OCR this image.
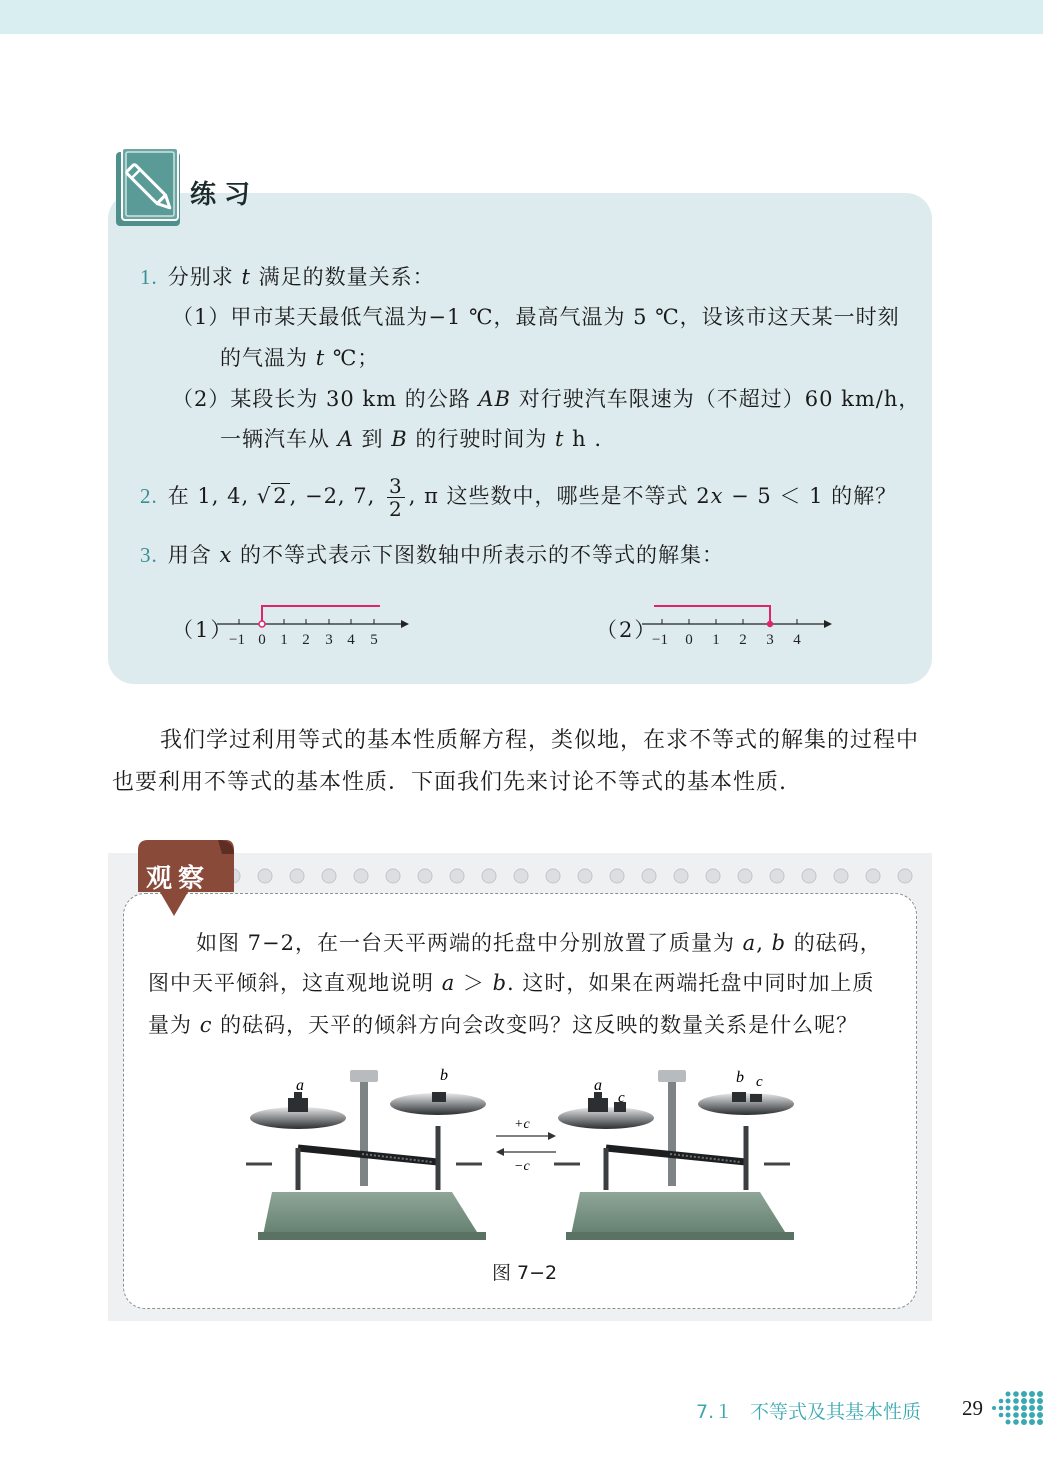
练习
1. 分别求 t 满足的数量关系：
（1）甲市某天最低气温为−1 ℃，最高气温为 5 ℃，设该市这天某一时刻
的气温为 t ℃；
（2）某段长为 30 km 的公路 AB 对行驶汽车限速为（不超过）60 km/h，
一辆汽车从 A 到 B 的行驶时间为 t h .
2. 在 1, 4, √2, −2, 7, $\frac{3}{2}$ , π 这些数中，哪些是不等式 2x − 5 ＜ 1 的解？
3. 用含 x 的不等式表示下图数轴中所表示的不等式的解集：
（1）
−1 0 1 2 3 4 5	（2）
−1 0 1 2 3 4
我们学过利用等式的基本性质解方程，类似地，在求不等式的解集的过程中
也要利用不等式的基本性质．下面我们先来讨论不等式的基本性质.
观察
如图 7−2，在一台天平两端的托盘中分别放置了质量为 a, b 的砝码，
图中天平倾斜，这直观地说明 a ＞ b. 这时，如果在两端托盘中同时加上质
量为 c 的砝码，天平的倾斜方向会改变吗？这反映的数量关系是什么呢？
a
b
+c
−c
a
c
b c
图 7−2
7.１ 不等式及其基本性质 29
